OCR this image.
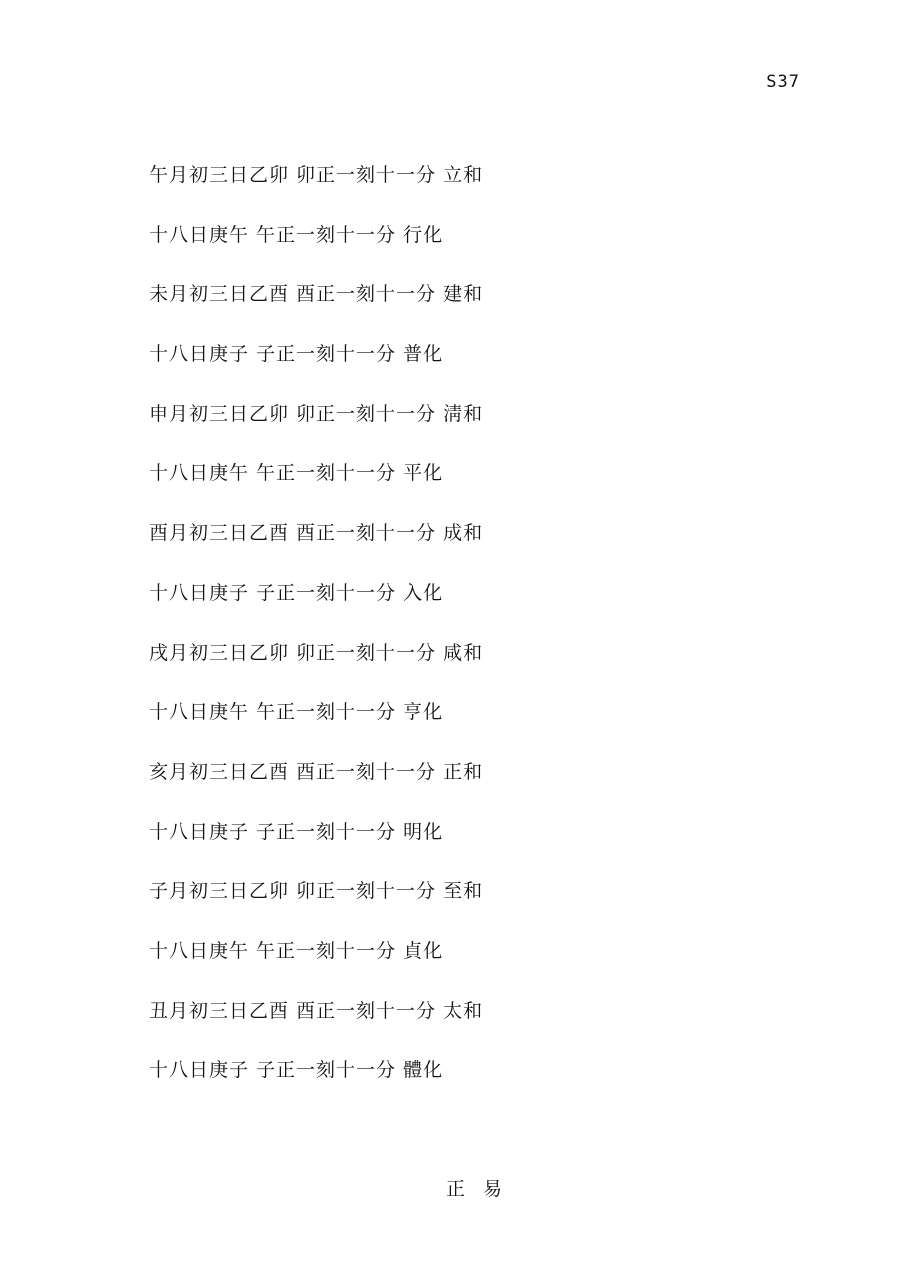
S37
午月初三日乙卯 卯正一刻十一分 立和
十八日庚午 午正一刻十一分 行化
未月初三日乙酉 酉正一刻十一分 建和
十八日庚子 子正一刻十一分 普化
申月初三日乙卯 卯正一刻十一分 淸和
十八日庚午 午正一刻十一分 平化
酉月初三日乙酉 酉正一刻十一分 成和
十八日庚子 子正一刻十一分 入化
戌月初三日乙卯 卯正一刻十一分 咸和
十八日庚午 午正一刻十一分 亨化
亥月初三日乙酉 酉正一刻十一分 正和
十八日庚子 子正一刻十一分 明化
子月初三日乙卯 卯正一刻十一分 至和
十八日庚午 午正一刻十一分 貞化
丑月初三日乙酉 酉正一刻十一分 太和
十八日庚子 子正一刻十一分 體化
正   易
